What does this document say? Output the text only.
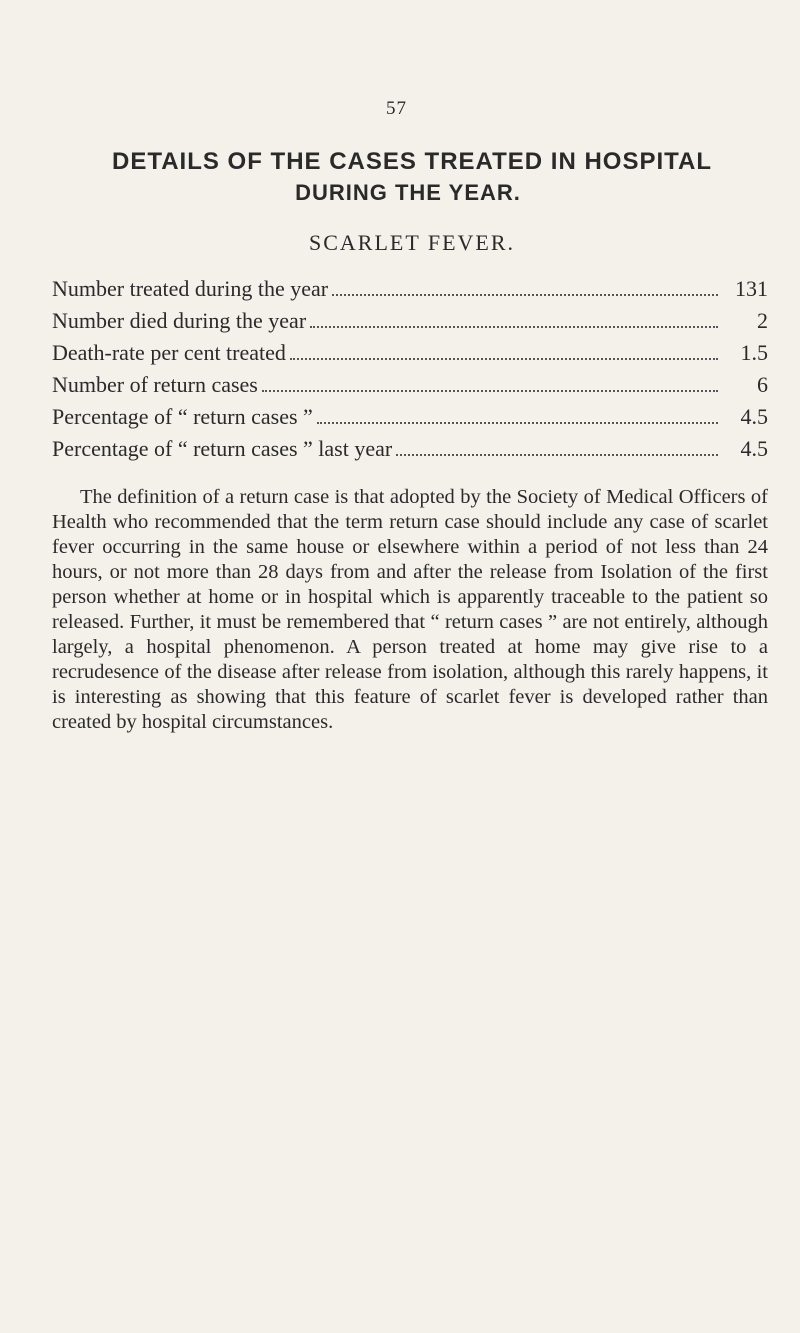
57
DETAILS OF THE CASES TREATED IN HOSPITAL
DURING THE YEAR.
SCARLET FEVER.
Number treated during the year	131
Number died during the year	2
Death-rate per cent treated	1.5
Number of return cases	6
Percentage of “ return cases ”	4.5
Percentage of “ return cases ” last year	4.5

The definition of a return case is that adopted by the Society of Medical Officers of Health who recommended that the term return case should include any case of scarlet fever occurring in the same house or elsewhere within a period of not less than 24 hours, or not more than 28 days from and after the release from Isolation of the first person whether at home or in hospital which is apparently traceable to the patient so released. Further, it must be remembered that “ return cases ” are not entirely, although largely, a hospital phenomenon. A person treated at home may give rise to a recrudesence of the disease after release from isolation, although this rarely happens, it is interesting as showing that this feature of scarlet fever is developed rather than created by hospital circumstances.
